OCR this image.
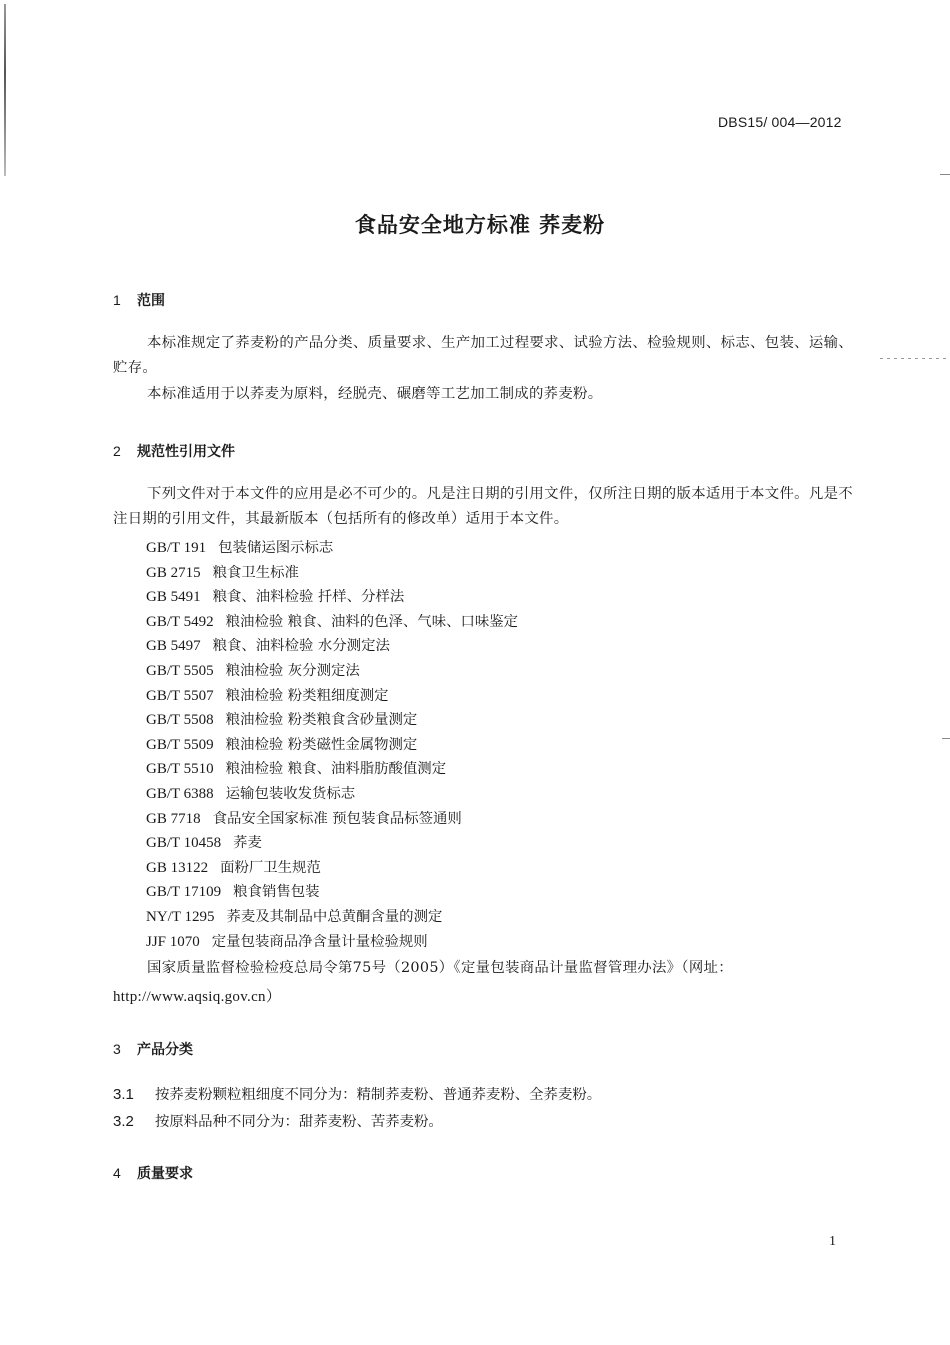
DBS15/ 004—2012
食品安全地方标准 荞麦粉
1 范围
本标准规定了荞麦粉的产品分类、质量要求、生产加工过程要求、试验方法、检验规则、标志、包装、运输、贮存。
本标准适用于以荞麦为原料，经脱壳、碾磨等工艺加工制成的荞麦粉。
2 规范性引用文件
下列文件对于本文件的应用是必不可少的。凡是注日期的引用文件，仅所注日期的版本适用于本文件。凡是不注日期的引用文件，其最新版本（包括所有的修改单）适用于本文件。
GB/T 191 包装储运图示标志
GB 2715 粮食卫生标准
GB 5491 粮食、油料检验 扦样、分样法
GB/T 5492 粮油检验 粮食、油料的色泽、气味、口味鉴定
GB 5497 粮食、油料检验 水分测定法
GB/T 5505 粮油检验 灰分测定法
GB/T 5507 粮油检验 粉类粗细度测定
GB/T 5508 粮油检验 粉类粮食含砂量测定
GB/T 5509 粮油检验 粉类磁性金属物测定
GB/T 5510 粮油检验 粮食、油料脂肪酸值测定
GB/T 6388 运输包装收发货标志
GB 7718 食品安全国家标准 预包装食品标签通则
GB/T 10458 荞麦
GB 13122 面粉厂卫生规范
GB/T 17109 粮食销售包装
NY/T 1295 荞麦及其制品中总黄酮含量的测定
JJF 1070 定量包装商品净含量计量检验规则
国家质量监督检验检疫总局令第75号（2005）《定量包装商品计量监督管理办法》（网址：
http://www.aqsiq.gov.cn）
3 产品分类
3.1 按荞麦粉颗粒粗细度不同分为：精制荞麦粉、普通荞麦粉、全荞麦粉。
3.2 按原料品种不同分为：甜荞麦粉、苦荞麦粉。
4 质量要求
1
